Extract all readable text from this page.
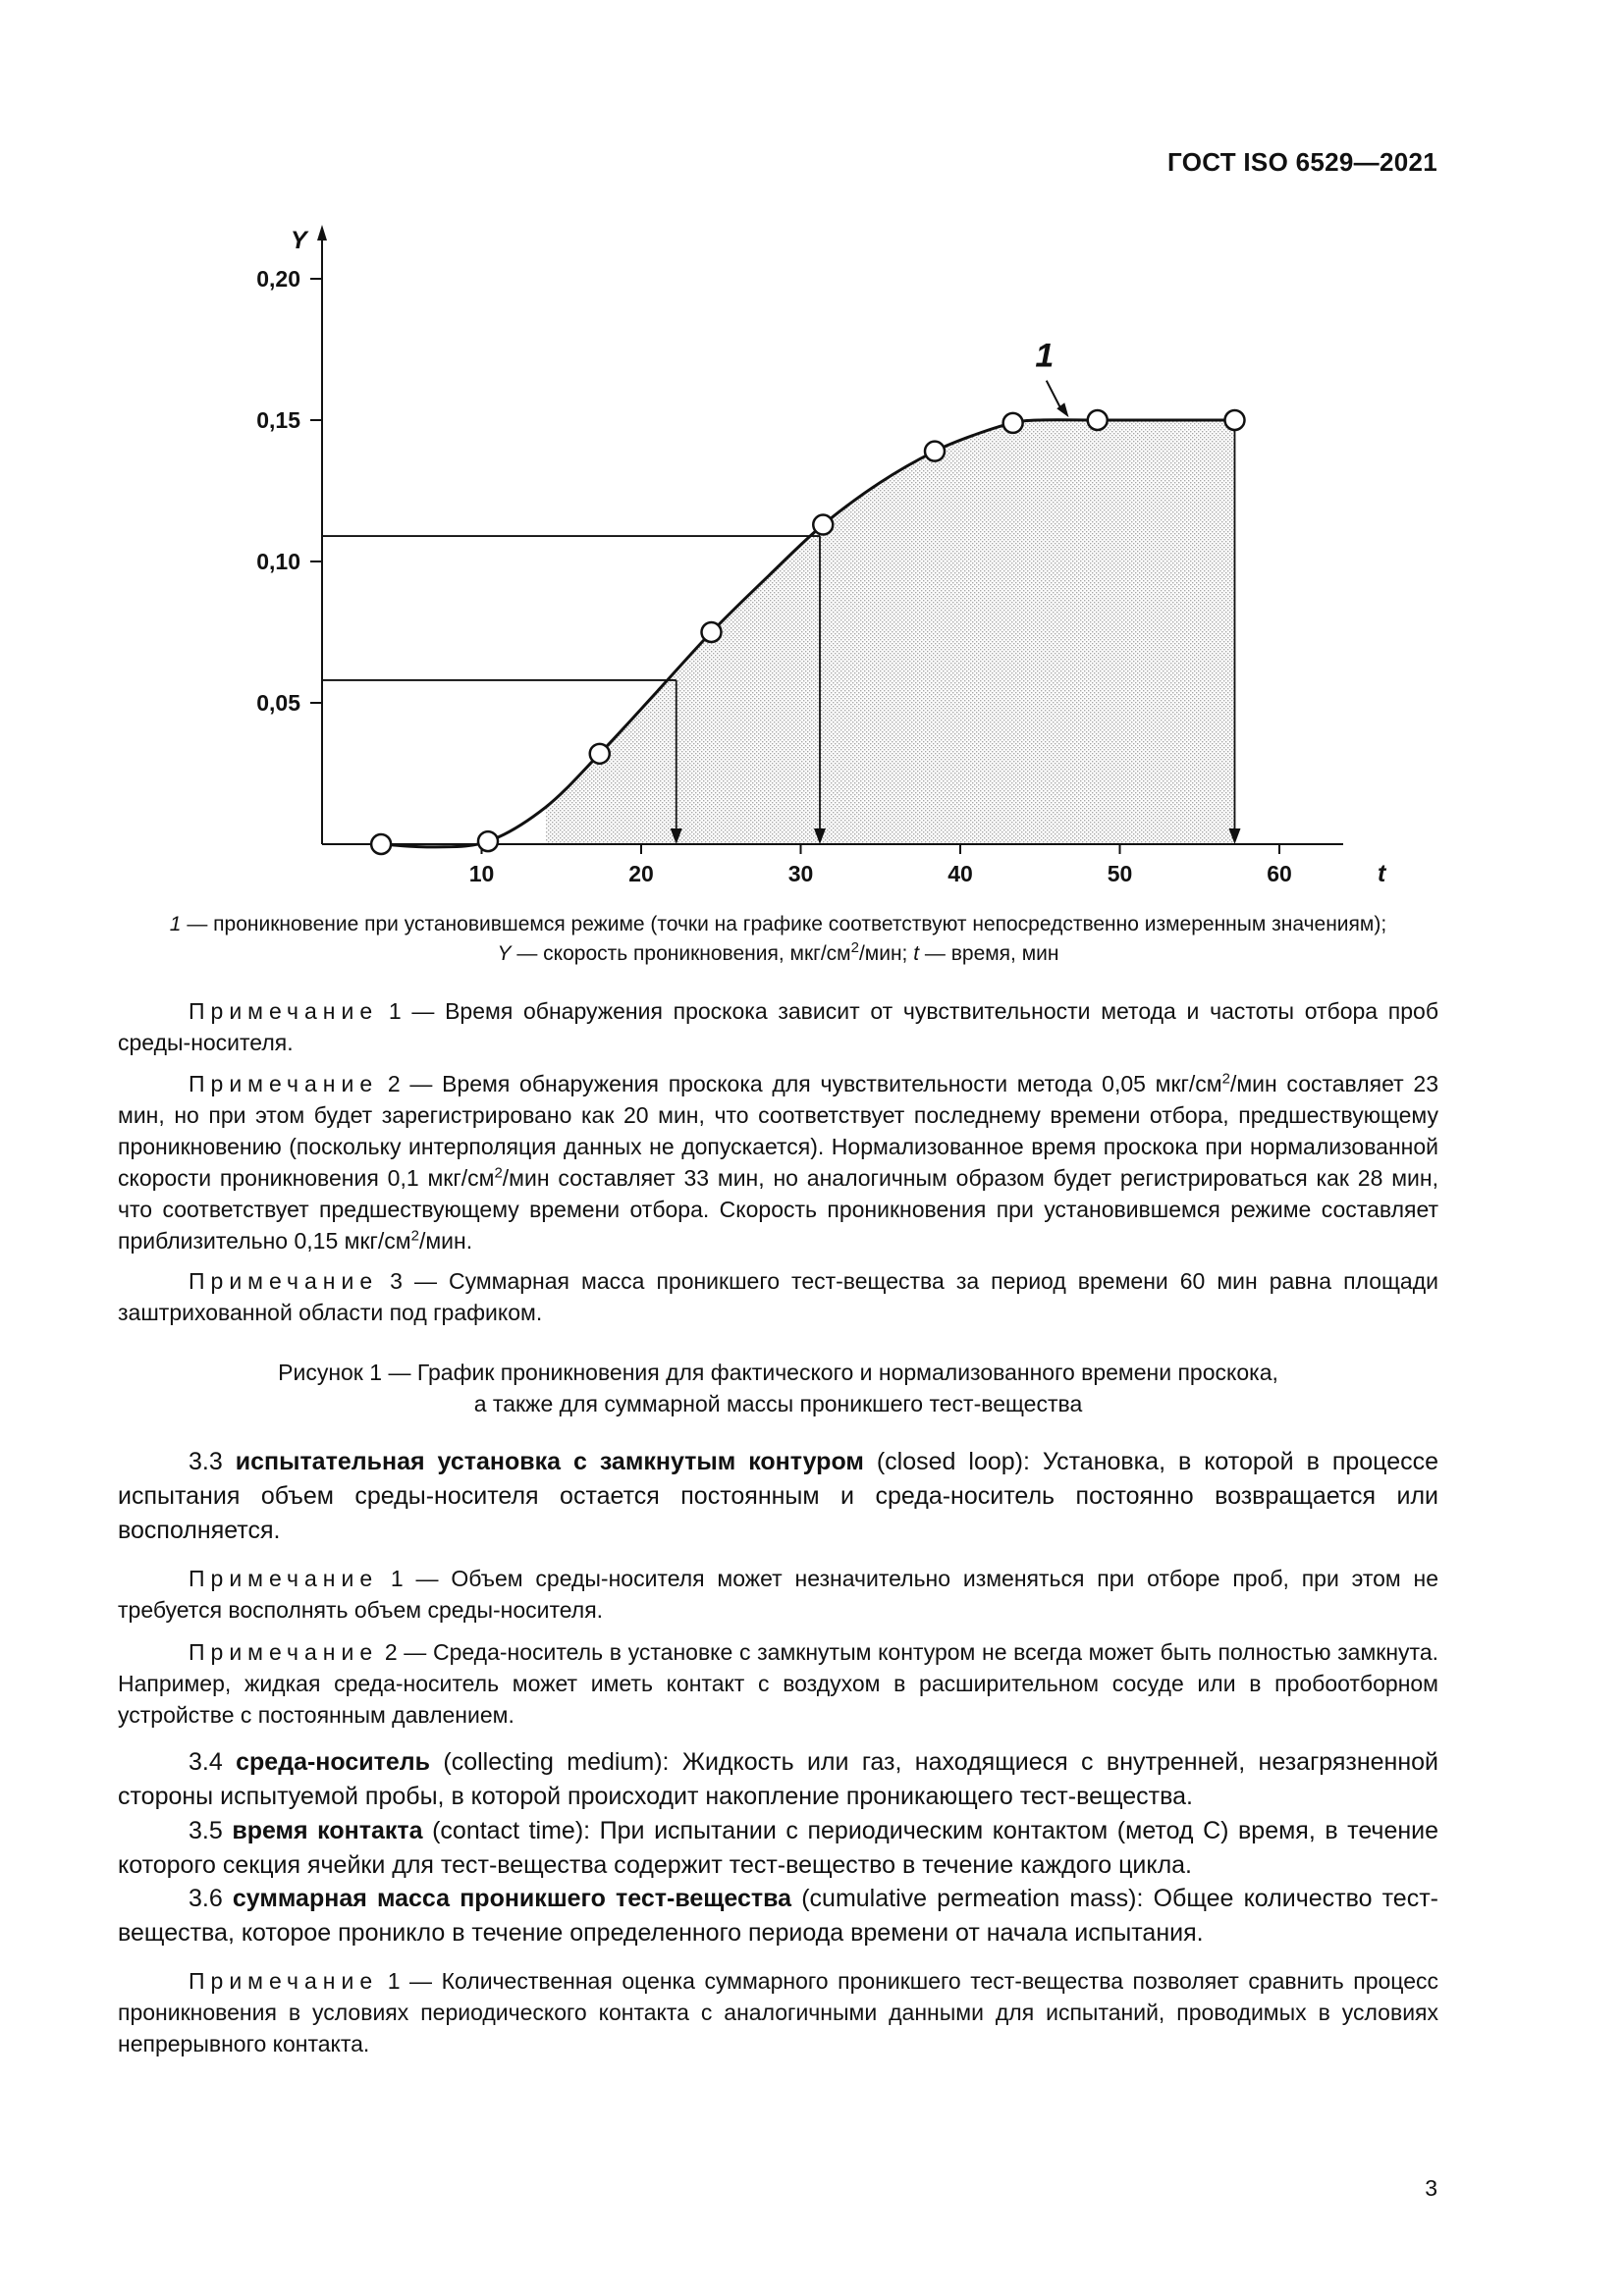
ГОСТ ISO 6529—2021
0,05
0,10
0,15
0,20
10	20	30	40	50	60
Y
t
1
1 — проникновение при установившемся режиме (точки на графике соответствуют непосредственно измеренным значениям);
Y — скорость проникновения, мкг/$см^2$/мин; t — время, мин
Примечание 1 — Время обнаружения проскока зависит от чувствительности метода и частоты отбора проб среды-носителя.
Примечание 2 — Время обнаружения проскока для чувствительности метода 0,05 мкг/$см^2$/мин составляет 23 мин, но при этом будет зарегистрировано как 20 мин, что соответствует последнему времени отбора, предшествующему проникновению (поскольку интерполяция данных не допускается). Нормализованное время проскока при нормализованной скорости проникновения 0,1 мкг/$см^2$/мин составляет 33 мин, но аналогичным образом будет регистрироваться как 28 мин, что соответствует предшествующему времени отбора. Скорость проникновения при установившемся режиме составляет приблизительно 0,15 мкг/$см^2$/мин.
Примечание 3 — Суммарная масса проникшего тест-вещества за период времени 60 мин равна площади заштрихованной области под графиком.
Рисунок 1 — График проникновения для фактического и нормализованного времени проскока,
а также для суммарной массы проникшего тест-вещества
3.3 испытательная установка с замкнутым контуром (closed loop): Установка, в которой в процессе испытания объем среды-носителя остается постоянным и среда-носитель постоянно возвращается или восполняется.
Примечание 1 — Объем среды-носителя может незначительно изменяться при отборе проб, при этом не требуется восполнять объем среды-носителя.
Примечание 2 — Среда-носитель в установке с замкнутым контуром не всегда может быть полностью замкнута. Например, жидкая среда-носитель может иметь контакт с воздухом в расширительном сосуде или в пробоотборном устройстве с постоянным давлением.
3.4 среда-носитель (collecting medium): Жидкость или газ, находящиеся с внутренней, незагрязненной стороны испытуемой пробы, в которой происходит накопление проникающего тест-вещества.
3.5 время контакта (contact time): При испытании с периодическим контактом (метод С) время, в течение которого секция ячейки для тест-вещества содержит тест-вещество в течение каждого цикла.
3.6 суммарная масса проникшего тест-вещества (cumulative permeation mass): Общее количество тест-вещества, которое проникло в течение определенного периода времени от начала испытания.
Примечание 1 — Количественная оценка суммарного проникшего тест-вещества позволяет сравнить процесс проникновения в условиях периодического контакта с аналогичными данными для испытаний, проводимых в условиях непрерывного контакта.
3
